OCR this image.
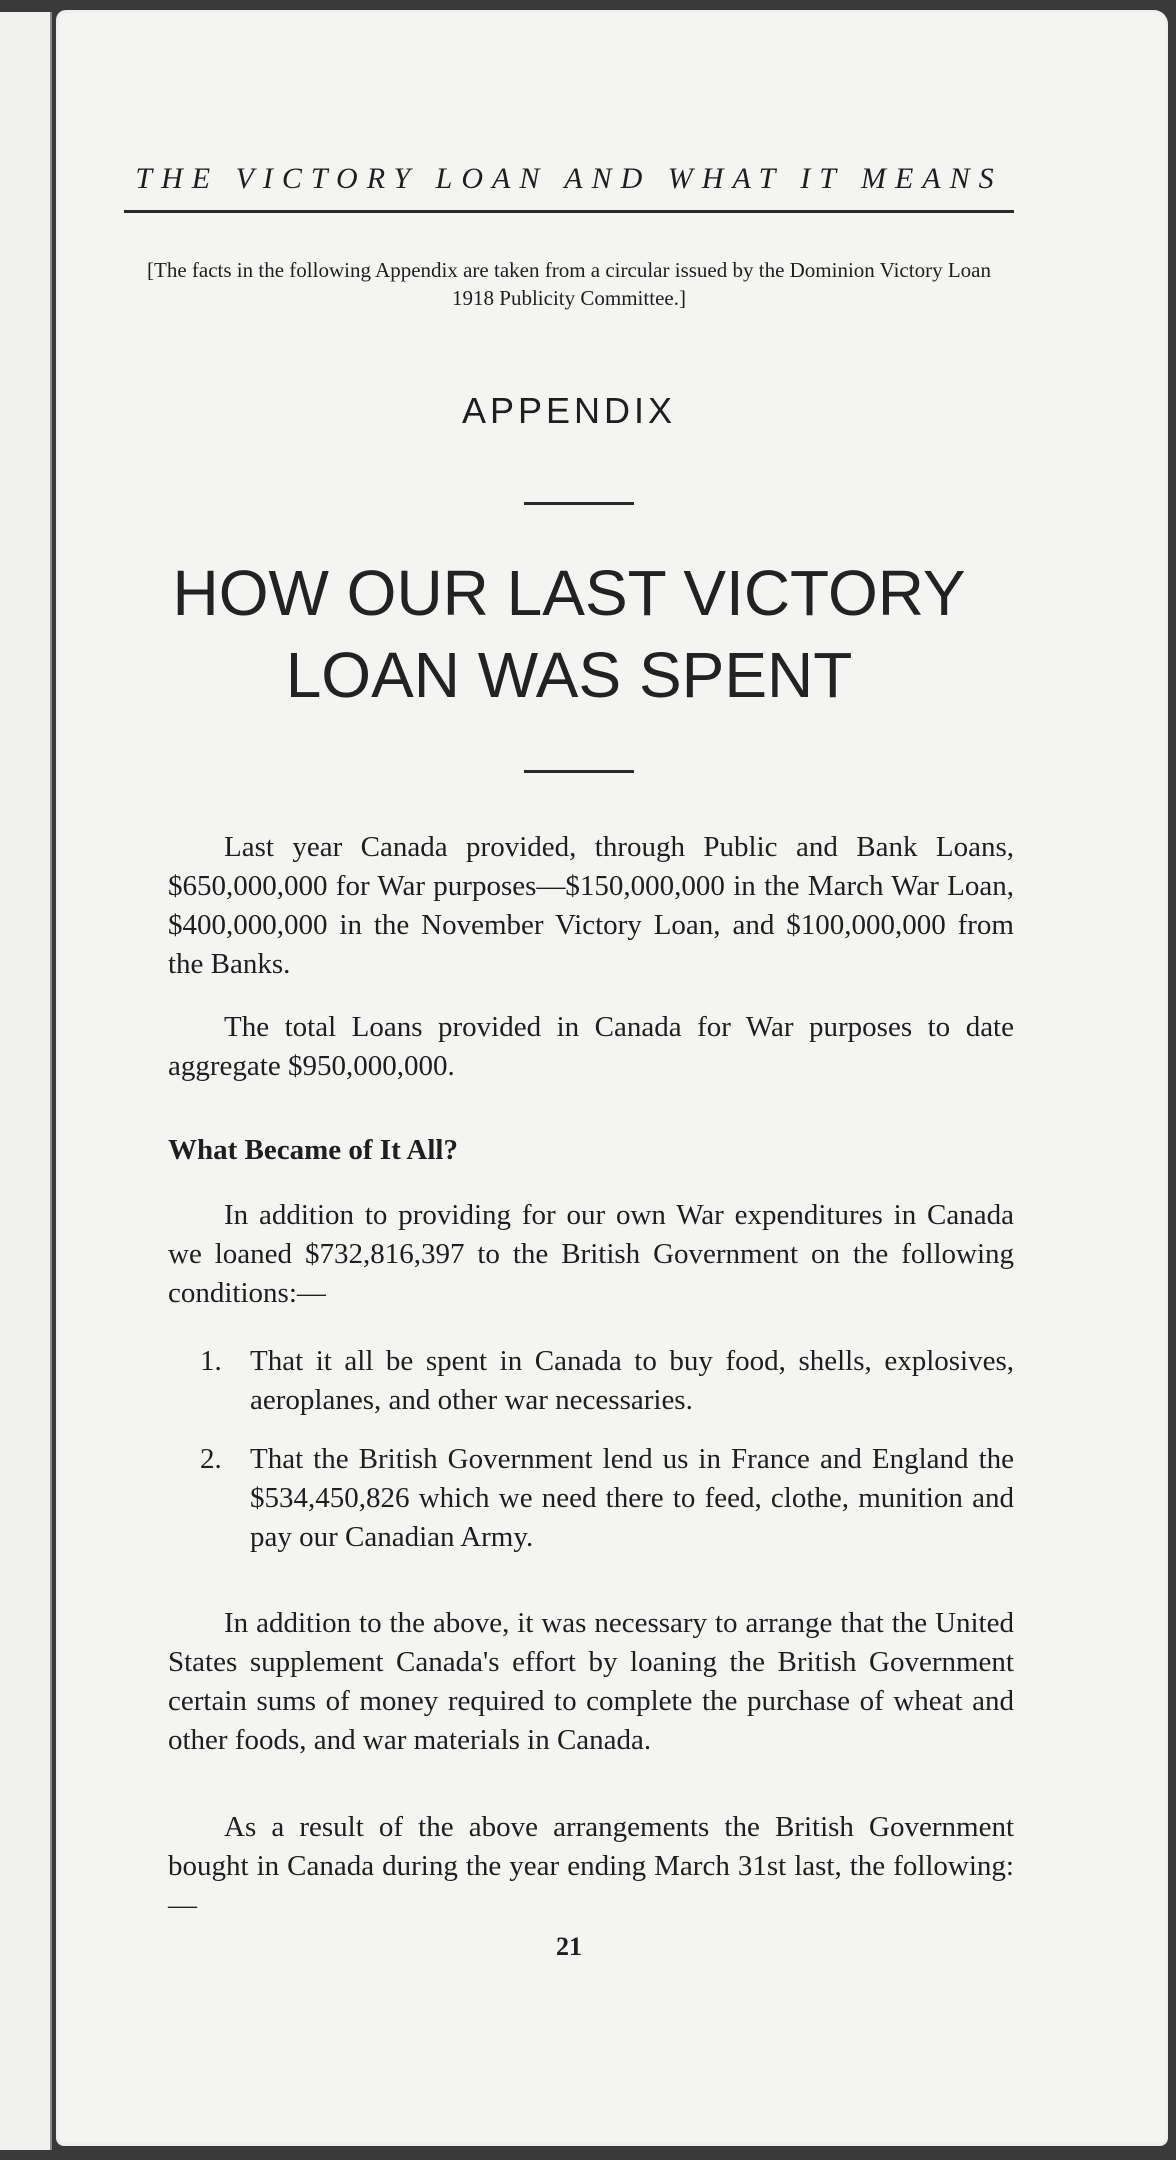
THE VICTORY LOAN AND WHAT IT MEANS
[The facts in the following Appendix are taken from a circular issued by the Dominion Victory Loan 1918 Publicity Committee.]
APPENDIX
HOW OUR LAST VICTORY
LOAN WAS SPENT
Last year Canada provided, through Public and Bank Loans, $650,000,000 for War purposes—$150,000,000 in the March War Loan, $400,000,000 in the November Victory Loan, and $100,000,000 from the Banks.
The total Loans provided in Canada for War purposes to date aggregate $950,000,000.
What Became of It All?
In addition to providing for our own War expenditures in Canada we loaned $732,816,397 to the British Government on the following conditions:—
1. That it all be spent in Canada to buy food, shells, explosives, aeroplanes, and other war necessaries.
2. That the British Government lend us in France and England the $534,450,826 which we need there to feed, clothe, munition and pay our Canadian Army.
In addition to the above, it was necessary to arrange that the United States supplement Canada's effort by loaning the British Government certain sums of money required to complete the purchase of wheat and other foods, and war materials in Canada.
As a result of the above arrangements the British Government bought in Canada during the year ending March 31st last, the following:—
21
